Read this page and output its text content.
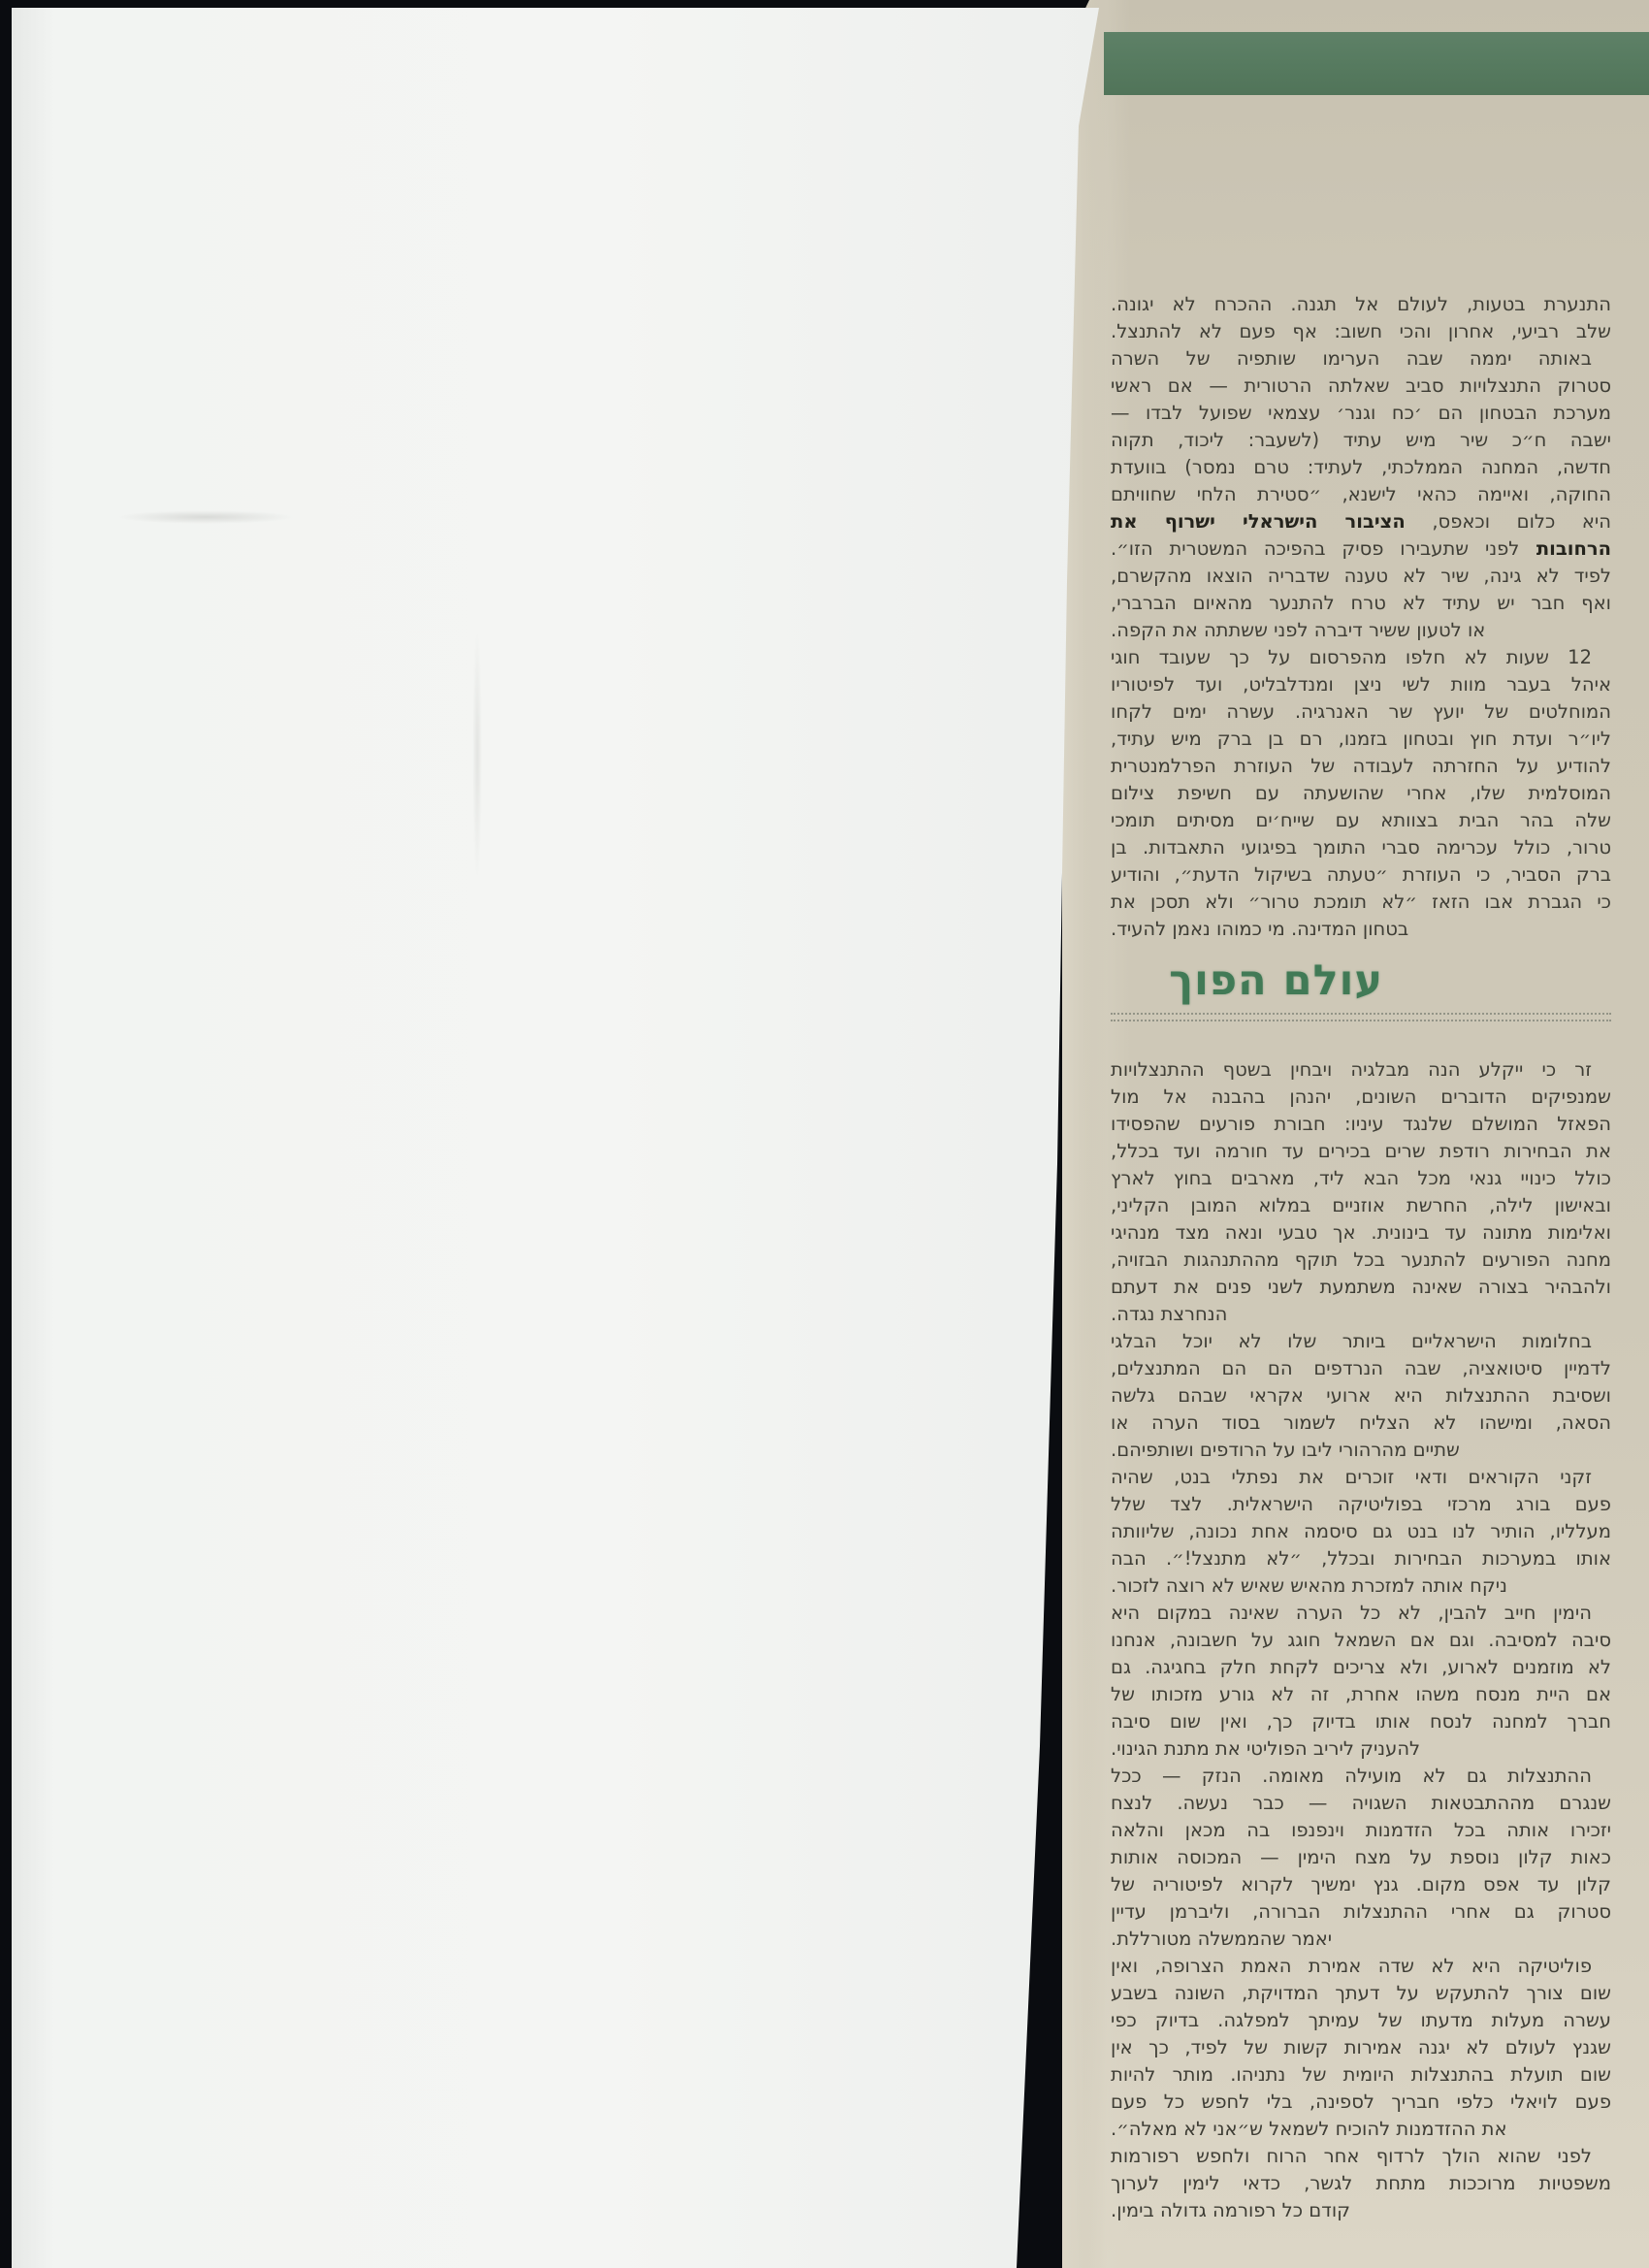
התנערת בטעות, לעולם אל תגנה. ההכרח לא יגונה.
שלב רביעי, אחרון והכי חשוב: אף פעם לא להתנצל.
באותה יממה שבה הערימו שותפיה של השרה
סטרוק התנצלויות סביב שאלתה הרטורית — אם ראשי
מערכת הבטחון הם ׳כח וגנר׳ עצמאי שפועל לבדו —
ישבה ח״כ שיר מיש עתיד (לשעבר: ליכוד, תקוה
חדשה, המחנה הממלכתי, לעתיד: טרם נמסר) בוועדת
החוקה, ואיימה כהאי לישנא, ״סטירת הלחי שחוויתם
היא כלום וכאפס, הציבור הישראלי ישרוף את
הרחובות לפני שתעבירו פסיק בהפיכה המשטרית הזו״.
לפיד לא גינה, שיר לא טענה שדבריה הוצאו מהקשרם,
ואף חבר יש עתיד לא טרח להתנער מהאיום הברברי,
או לטעון ששיר דיברה לפני ששתתה את הקפה.
12 שעות לא חלפו מהפרסום על כך שעובד חוגי
איהל בעבר מוות לשי ניצן ומנדלבליט, ועד לפיטוריו
המוחלטים של יועץ שר האנרגיה. עשרה ימים לקחו
ליו״ר ועדת חוץ ובטחון בזמנו, רם בן ברק מיש עתיד,
להודיע על החזרתה לעבודה של העוזרת הפרלמנטרית
המוסלמית שלו, אחרי שהושעתה עם חשיפת צילום
שלה בהר הבית בצוותא עם שייח׳ים מסיתים תומכי
טרור, כולל עכרימה סברי התומך בפיגועי התאבדות. בן
ברק הסביר, כי העוזרת ״טעתה בשיקול הדעת״, והודיע
כי הגברת אבו הזאז ״לא תומכת טרור״ ולא תסכן את
בטחון המדינה. מי כמוהו נאמן להעיד.
עולם הפוך
זר כי ייקלע הנה מבלגיה ויבחין בשטף ההתנצלויות
שמנפיקים הדוברים השונים, יהנהן בהבנה אל מול
הפאזל המושלם שלנגד עיניו: חבורת פורעים שהפסידו
את הבחירות רודפת שרים בכירים עד חורמה ועד בכלל,
כולל כינויי גנאי מכל הבא ליד, מארבים בחוץ לארץ
ובאישון לילה, החרשת אוזניים במלוא המובן הקליני,
ואלימות מתונה עד בינונית. אך טבעי ונאה מצד מנהיגי
מחנה הפורעים להתנער בכל תוקף מההתנהגות הבזויה,
ולהבהיר בצורה שאינה משתמעת לשני פנים את דעתם
הנחרצת נגדה.
בחלומות הישראליים ביותר שלו לא יוכל הבלגי
לדמיין סיטואציה, שבה הנרדפים הם הם המתנצלים,
ושסיבת ההתנצלות היא ארועי אקראי שבהם גלשה
הסאה, ומישהו לא הצליח לשמור בסוד הערה או
שתיים מהרהורי ליבו על הרודפים ושותפיהם.
זקני הקוראים ודאי זוכרים את נפתלי בנט, שהיה
פעם בורג מרכזי בפוליטיקה הישראלית. לצד שלל
מעלליו, הותיר לנו בנט גם סיסמה אחת נכונה, שליוותה
אותו במערכות הבחירות ובכלל, ״לא מתנצל!״. הבה
ניקח אותה למזכרת מהאיש שאיש לא רוצה לזכור.
הימין חייב להבין, לא כל הערה שאינה במקום היא
סיבה למסיבה. וגם אם השמאל חוגג על חשבונה, אנחנו
לא מוזמנים לארוע, ולא צריכים לקחת חלק בחגיגה. גם
אם היית מנסח משהו אחרת, זה לא גורע מזכותו של
חברך למחנה לנסח אותו בדיוק כך, ואין שום סיבה
להעניק ליריב הפוליטי את מתנת הגינוי.
ההתנצלות גם לא מועילה מאומה. הנזק — ככל
שנגרם מההתבטאות השגויה — כבר נעשה. לנצח
יזכירו אותה בכל הזדמנות וינפנפו בה מכאן והלאה
כאות קלון נוספת על מצח הימין — המכוסה אותות
קלון עד אפס מקום. גנץ ימשיך לקרוא לפיטוריה של
סטרוק גם אחרי ההתנצלות הברורה, וליברמן עדיין
יאמר שהממשלה מטורללת.
פוליטיקה היא לא שדה אמירת האמת הצרופה, ואין
שום צורך להתעקש על דעתך המדויקת, השונה בשבע
עשרה מעלות מדעתו של עמיתך למפלגה. בדיוק כפי
שגנץ לעולם לא יגנה אמירות קשות של לפיד, כך אין
שום תועלת בהתנצלות היומית של נתניהו. מותר להיות
פעם לויאלי כלפי חבריך לספינה, בלי לחפש כל פעם
את ההזדמנות להוכיח לשמאל ש״אני לא מאלה״.
לפני שהוא הולך לרדוף אחר הרוח ולחפש רפורמות
משפטיות מרוככות מתחת לגשר, כדאי לימין לערוך
קודם כל רפורמה גדולה בימין.
